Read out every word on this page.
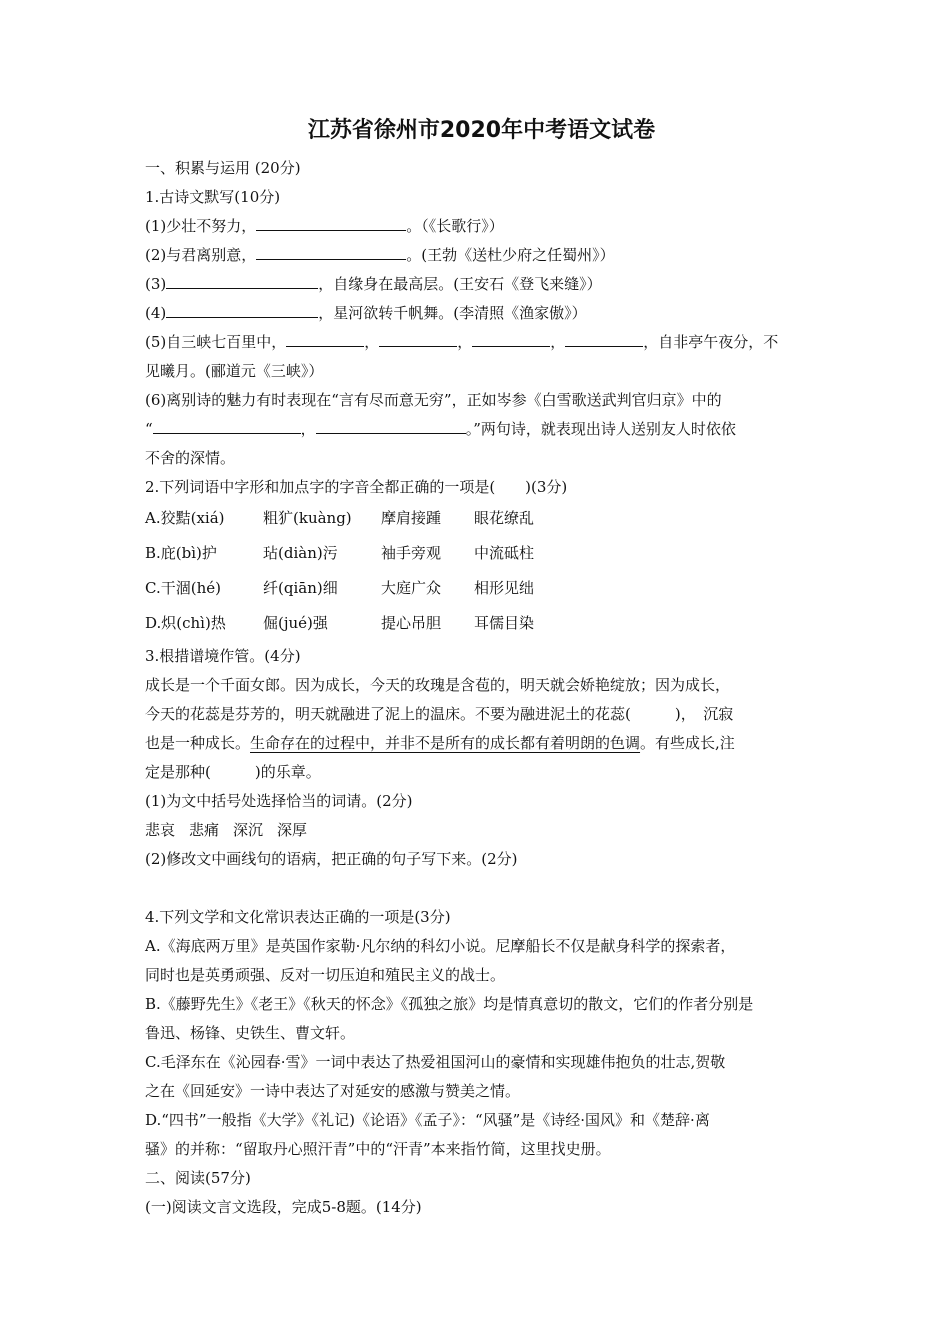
江苏省徐州市2020年中考语文试卷
一、积累与运用 (20分)
1.古诗文默写(10分)
(1)少壮不努力，	。（《长歌行》）
(2)与君离别意，	。(王勃《送杜少府之任蜀州》）
(3)	，自缘身在最高层。(王安石《登飞来缝》）
(4)	，星河欲转千帆舞。(李清照《渔家傲》）
(5)自三峡七百里中，	，	，	，	，自非亭午夜分，不
见曦月。(郦道元《三峡》）
(6)离别诗的魅力有时表现在“言有尽而意无穷”，正如岑参《白雪歌送武判官归京》中的
“	，	。”两句诗，就表现出诗人送别友人时依依
不舍的深情。
2.下列词语中字形和加点字的字音全都正确的一项是(　　)(3分)
A.狡黠(xiá)	粗犷(kuàng) 摩肩接踵 眼花缭乱
B.庇(bì)护	玷(diàn)污	袖手旁观 中流砥柱
C.干涸(hé)	纤(qiān)细	大庭广众 相形见绌
D.炽(chì)热 倔(jué)强	提心吊胆 耳儒目染
3.根措谱境作管。(4分)
成长是一个千面女郎。因为成长，今天的玫瑰是含苞的，明天就会娇艳绽放；因为成长，
今天的花蕊是芬芳的，明天就融进了泥上的温床。不要为融进泥土的花蕊(	)，　沉寂
也是一种成长。生命存在的过程中，并非不是所有的成长都有着明朗的色调。有些成长,注
定是那种(	)的乐章。
(1)为文中括号处选择恰当的词请。(2分)
悲哀 悲痛 深沉 深厚
(2)修改文中画线句的语病，把正确的句子写下来。(2分)
4.下列文学和文化常识表达正确的一项是(3分)
A.《海底两万里》是英国作家勒·凡尔纳的科幻小说。尼摩船长不仅是献身科学的探索者，
同时也是英勇顽强、反对一切压迫和殖民主义的战士。
B.《藤野先生》《老王》《秋天的怀念》《孤独之旅》均是情真意切的散文，它们的作者分别是
鲁迅、杨锋、史铁生、曹文轩。
C.毛泽东在《沁园春·雪》一词中表达了热爱祖国河山的豪情和实现雄伟抱负的壮志,贺敬
之在《回延安》一诗中表达了对延安的感激与赞美之情。
D.“四书”一般指《大学》《礼记)《论语》《孟子》：“风骚”是《诗经·国风》和《楚辞·离
骚》的并称：“留取丹心照汗青”中的“汗青”本来指竹简，这里找史册。
二、阅读(57分)
(一)阅读文言文选段，完成5-8题。(14分)
